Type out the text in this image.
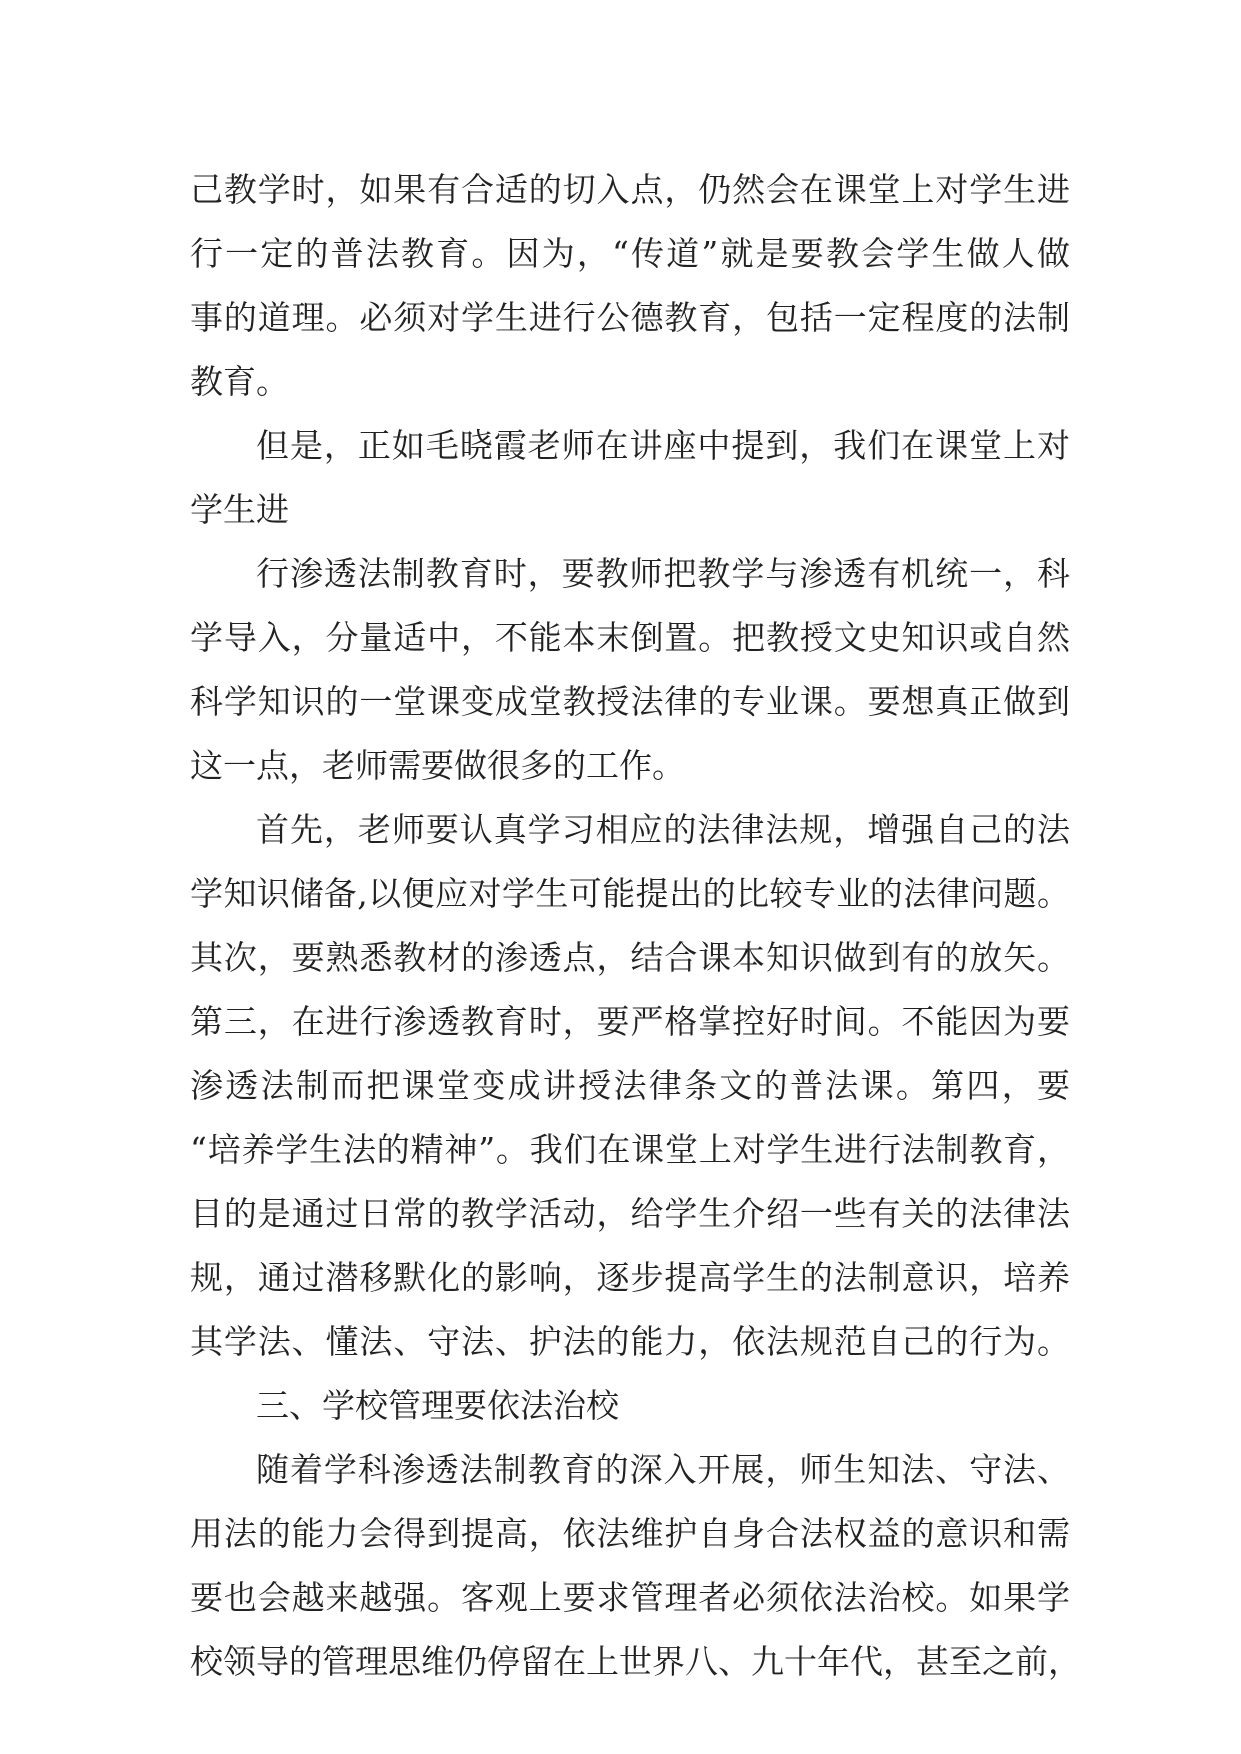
己教学时，如果有合适的切入点，仍然会在课堂上对学生进
行一定的普法教育。因为，“传道”就是要教会学生做人做
事的道理。必须对学生进行公德教育，包括一定程度的法制
教育。
但是，正如毛晓霞老师在讲座中提到，我们在课堂上对
学生进
行渗透法制教育时，要教师把教学与渗透有机统一，科
学导入，分量适中，不能本末倒置。把教授文史知识或自然
科学知识的一堂课变成堂教授法律的专业课。要想真正做到
这一点，老师需要做很多的工作。
首先，老师要认真学习相应的法律法规，增强自己的法
学知识储备,以便应对学生可能提出的比较专业的法律问题。
其次，要熟悉教材的渗透点，结合课本知识做到有的放矢。
第三，在进行渗透教育时，要严格掌控好时间。不能因为要
渗透法制而把课堂变成讲授法律条文的普法课。第四，要
“培养学生法的精神”。我们在课堂上对学生进行法制教育，
目的是通过日常的教学活动，给学生介绍一些有关的法律法
规，通过潜移默化的影响，逐步提高学生的法制意识，培养
其学法、懂法、守法、护法的能力，依法规范自己的行为。
三、学校管理要依法治校
随着学科渗透法制教育的深入开展，师生知法、守法、
用法的能力会得到提高，依法维护自身合法权益的意识和需
要也会越来越强。客观上要求管理者必须依法治校。如果学
校领导的管理思维仍停留在上世界八、九十年代，甚至之前，
